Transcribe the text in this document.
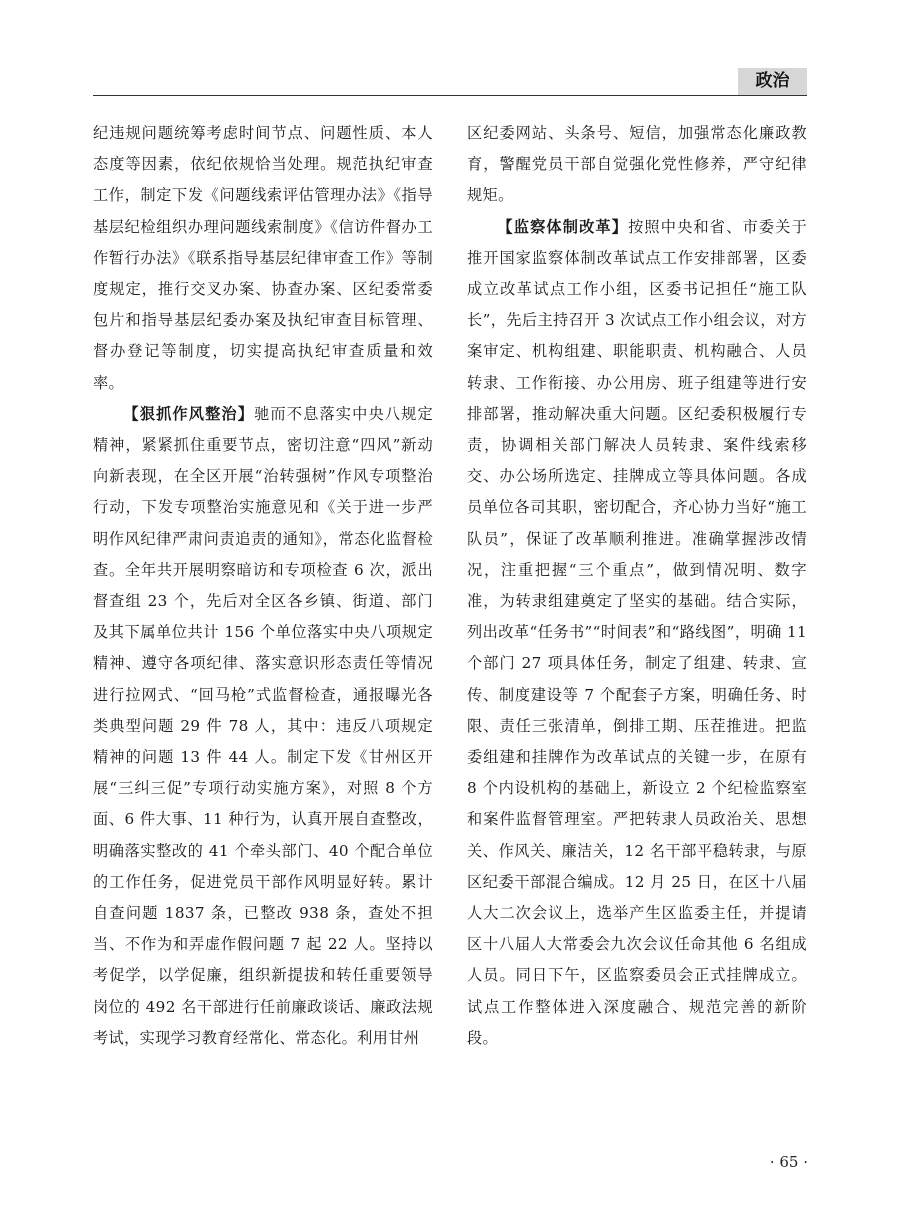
政治

纪违规问题统筹考虑时间节点、问题性质、本人态度等因素，依纪依规恰当处理。规范执纪审查工作，制定下发《问题线索评估管理办法》《指导基层纪检组织办理问题线索制度》《信访件督办工作暂行办法》《联系指导基层纪律审查工作》等制度规定，推行交叉办案、协查办案、区纪委常委包片和指导基层纪委办案及执纪审查目标管理、督办登记等制度，切实提高执纪审查质量和效率。

【狠抓作风整治】驰而不息落实中央八规定精神，紧紧抓住重要节点，密切注意“四风”新动向新表现，在全区开展“治转强树”作风专项整治行动，下发专项整治实施意见和《关于进一步严明作风纪律严肃问责追责的通知》，常态化监督检查。全年共开展明察暗访和专项检查 6 次，派出督查组 23 个，先后对全区各乡镇、街道、部门及其下属单位共计 156 个单位落实中央八项规定精神、遵守各项纪律、落实意识形态责任等情况进行拉网式、“回马枪”式监督检查，通报曝光各类典型问题 29 件 78 人，其中：违反八项规定精神的问题 13 件 44 人。制定下发《甘州区开展“三纠三促”专项行动实施方案》，对照 8 个方面、6 件大事、11 种行为，认真开展自查整改，明确落实整改的 41 个牵头部门、40 个配合单位的工作任务，促进党员干部作风明显好转。累计自查问题 1837 条，已整改 938 条，查处不担当、不作为和弄虚作假问题 7 起 22 人。坚持以考促学，以学促廉，组织新提拔和转任重要领导岗位的 492 名干部进行任前廉政谈话、廉政法规考试，实现学习教育经常化、常态化。利用甘州

区纪委网站、头条号、短信，加强常态化廉政教育，警醒党员干部自觉强化党性修养，严守纪律规矩。

【监察体制改革】按照中央和省、市委关于推开国家监察体制改革试点工作安排部署，区委成立改革试点工作小组，区委书记担任“施工队长”，先后主持召开 3 次试点工作小组会议，对方案审定、机构组建、职能职责、机构融合、人员转隶、工作衔接、办公用房、班子组建等进行安排部署，推动解决重大问题。区纪委积极履行专责，协调相关部门解决人员转隶、案件线索移交、办公场所选定、挂牌成立等具体问题。各成员单位各司其职，密切配合，齐心协力当好“施工队员”，保证了改革顺利推进。准确掌握涉改情况，注重把握“三个重点”，做到情况明、数字准，为转隶组建奠定了坚实的基础。结合实际，列出改革“任务书”“时间表”和“路线图”，明确 11 个部门 27 项具体任务，制定了组建、转隶、宣传、制度建设等 7 个配套子方案，明确任务、时限、责任三张清单，倒排工期、压茬推进。把监委组建和挂牌作为改革试点的关键一步，在原有 8 个内设机构的基础上，新设立 2 个纪检监察室和案件监督管理室。严把转隶人员政治关、思想关、作风关、廉洁关，12 名干部平稳转隶，与原区纪委干部混合编成。12 月 25 日，在区十八届人大二次会议上，选举产生区监委主任，并提请区十八届人大常委会九次会议任命其他 6 名组成人员。同日下午，区监察委员会正式挂牌成立。试点工作整体进入深度融合、规范完善的新阶段。

· 65 ·
